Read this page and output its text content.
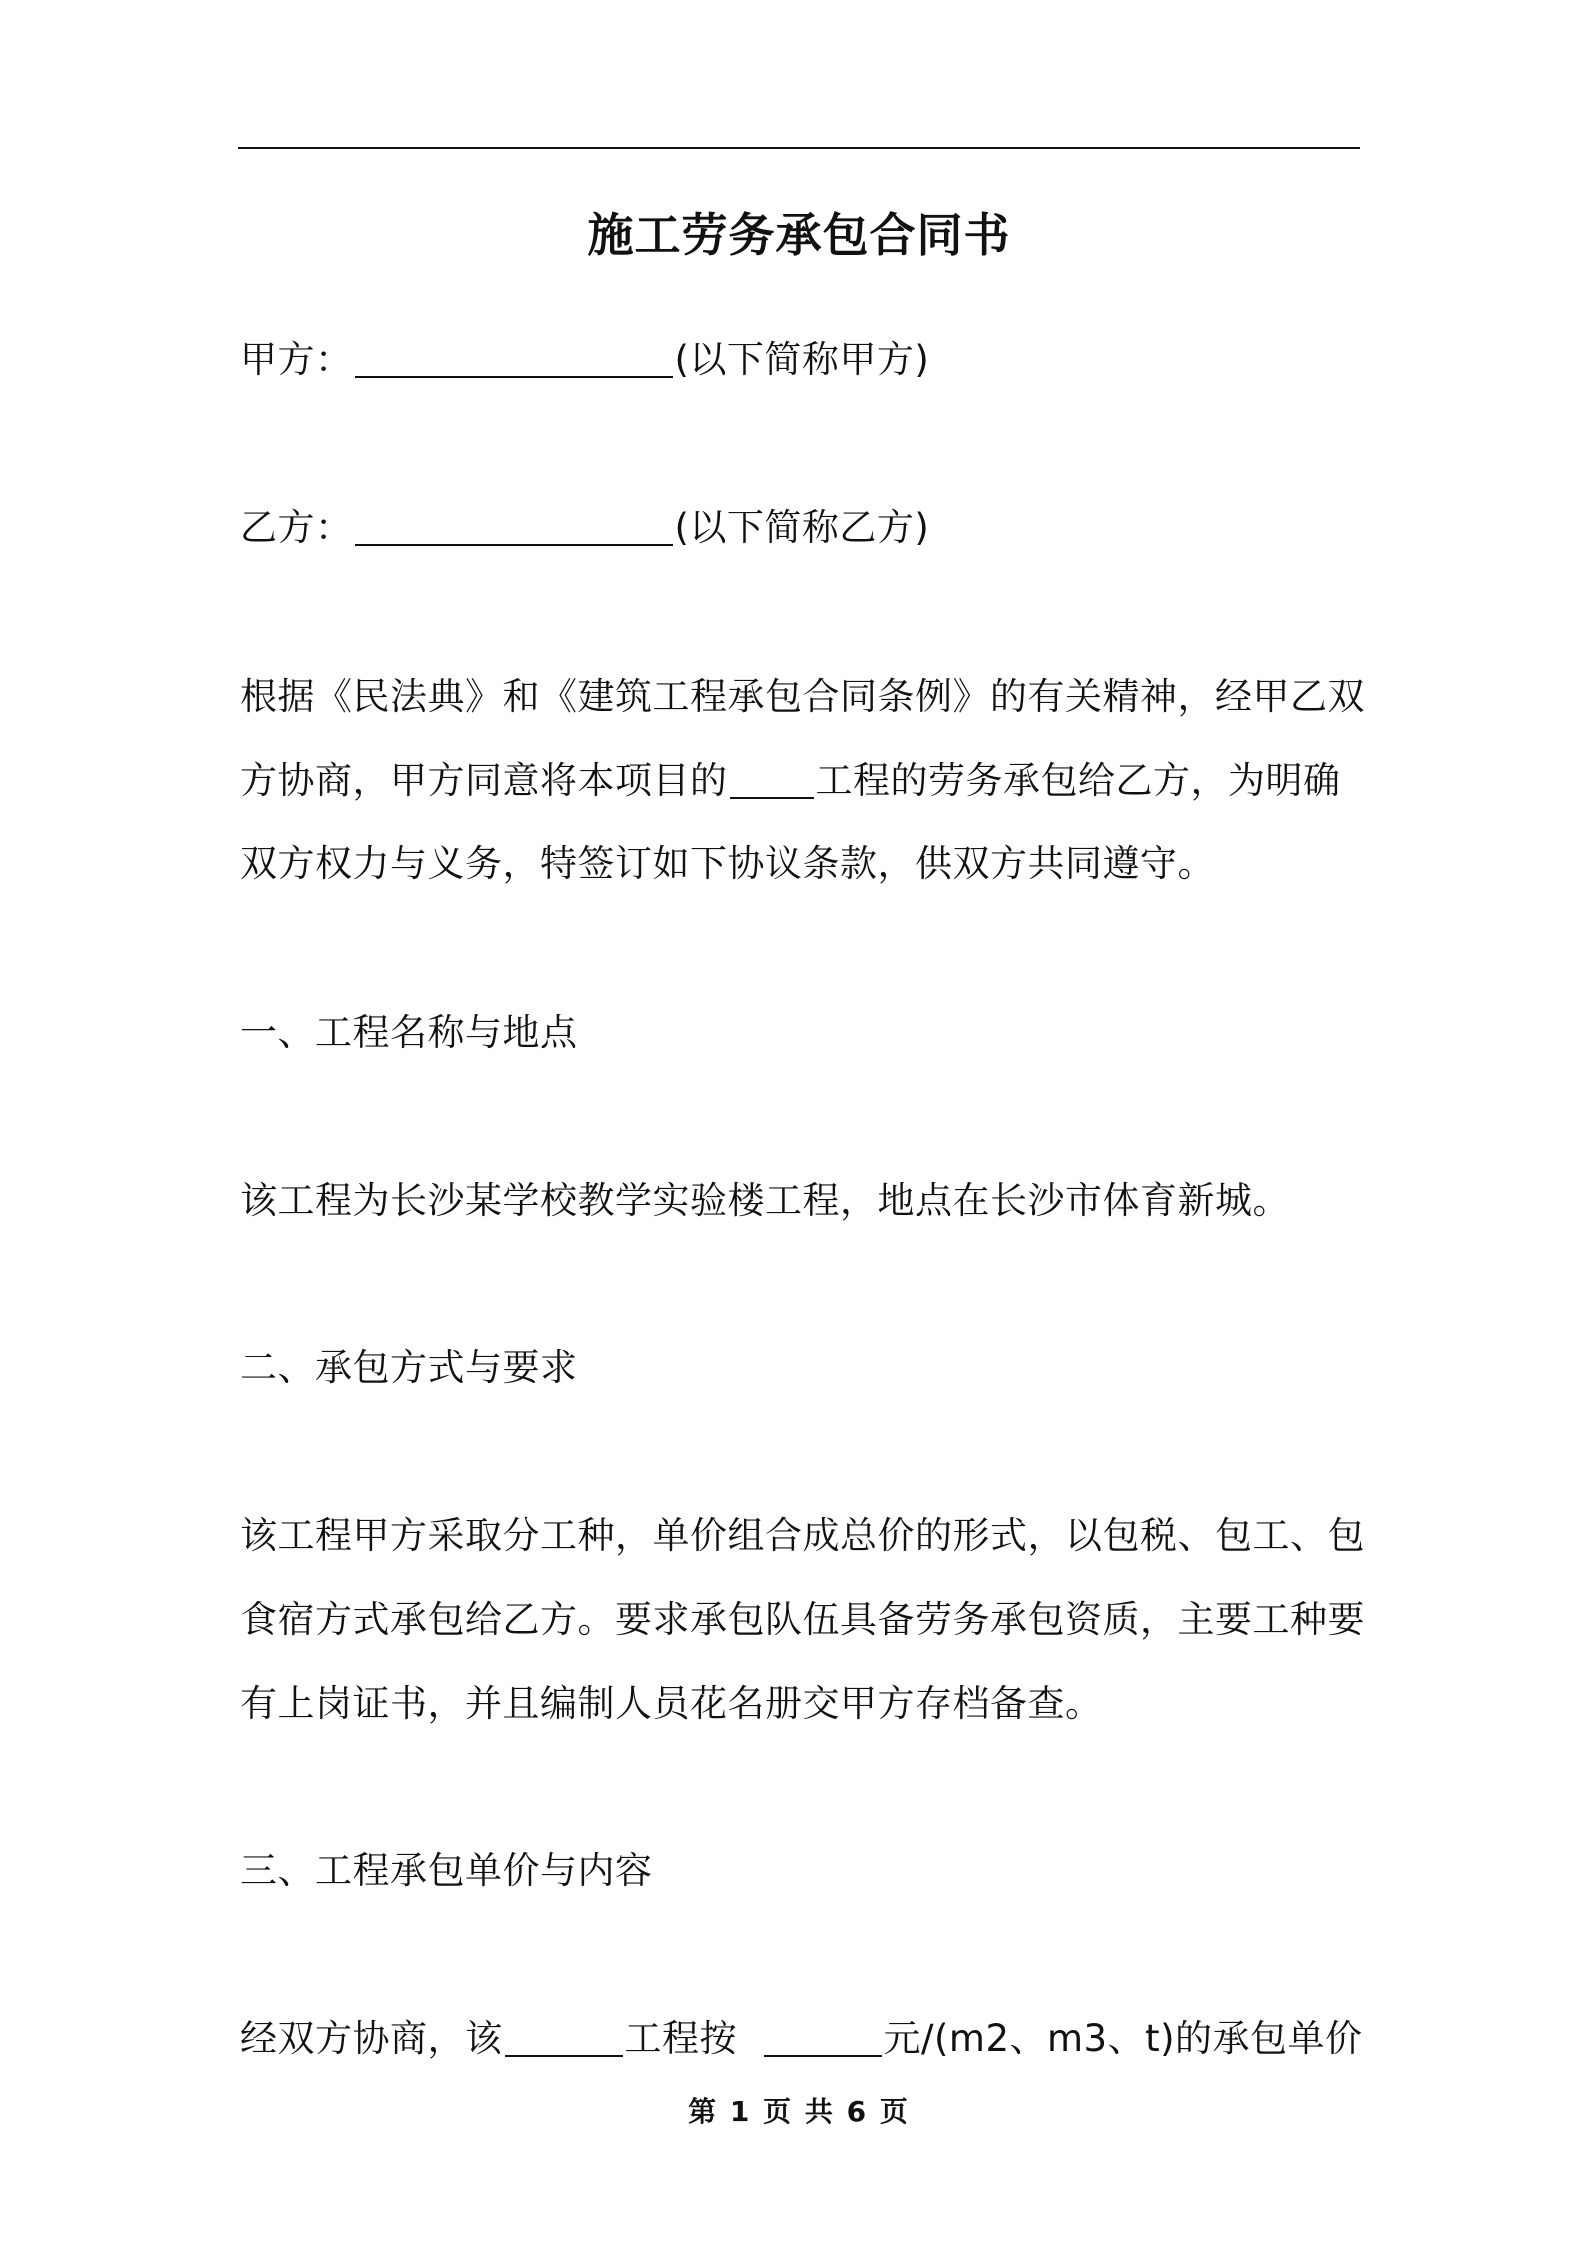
施工劳务承包合同书
甲方：	(以下简称甲方)
乙方：	(以下简称乙方)
根据《民法典》和《建筑工程承包合同条例》的有关精神，经甲乙双
方协商，甲方同意将本项目的 工程的劳务承包给乙方，为明确
双方权力与义务，特签订如下协议条款，供双方共同遵守。
一、工程名称与地点
该工程为长沙某学校教学实验楼工程，地点在长沙市体育新城。
二、承包方式与要求
该工程甲方采取分工种，单价组合成总价的形式，以包税、包工、包
食宿方式承包给乙方。要求承包队伍具备劳务承包资质，主要工种要
有上岗证书，并且编制人员花名册交甲方存档备查。
三、工程承包单价与内容
经双方协商，该	工程按	元/(m2、m3、t)的承包单价
第 1 页 共 6 页
